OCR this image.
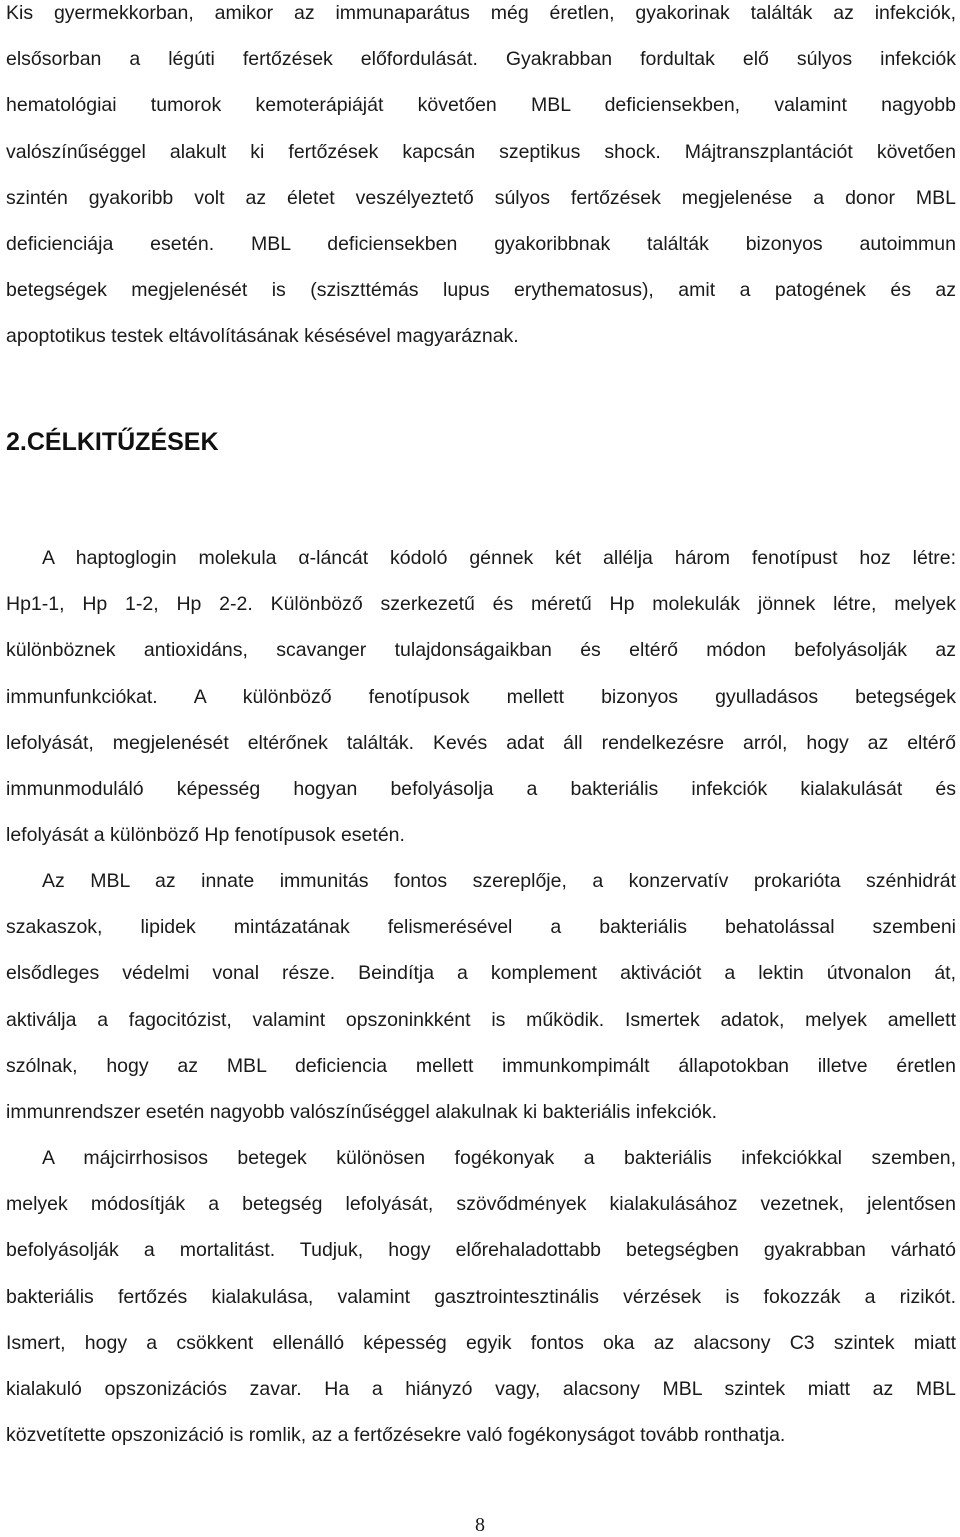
Kis gyermekkorban, amikor az immunaparátus még éretlen, gyakorinak találták az infekciók,
elsősorban a légúti fertőzések előfordulását. Gyakrabban fordultak elő súlyos infekciók
hematológiai tumorok kemoterápiáját követően MBL deficiensekben, valamint nagyobb
valószínűséggel alakult ki fertőzések kapcsán szeptikus shock. Májtranszplantációt követően
szintén gyakoribb volt az életet veszélyeztető súlyos fertőzések megjelenése a donor MBL
deficienciája esetén. MBL deficiensekben gyakoribbnak találták bizonyos autoimmun
betegségek megjelenését is (sziszttémás lupus erythematosus), amit a patogének és az
apoptotikus testek eltávolításának késésével magyaráznak.
2.CÉLKITŰZÉSEK
A haptoglogin molekula α-láncát kódoló génnek két allélja három fenotípust hoz létre:
Hp1-1, Hp 1-2, Hp 2-2. Különböző szerkezetű és méretű Hp molekulák jönnek létre, melyek
különböznek antioxidáns, scavanger tulajdonságaikban és eltérő módon befolyásolják az
immunfunkciókat. A különböző fenotípusok mellett bizonyos gyulladásos betegségek
lefolyását, megjelenését eltérőnek találták. Kevés adat áll rendelkezésre arról, hogy az eltérő
immunmoduláló képesség hogyan befolyásolja a bakteriális infekciók kialakulását és
lefolyását a különböző Hp fenotípusok esetén.
Az MBL az innate immunitás fontos szereplője, a konzervatív prokarióta szénhidrát
szakaszok, lipidek mintázatának felismerésével a bakteriális behatolással szembeni
elsődleges védelmi vonal része. Beindítja a komplement aktivációt a lektin útvonalon át,
aktiválja a fagocitózist, valamint opszoninkként is működik. Ismertek adatok, melyek amellett
szólnak, hogy az MBL deficiencia mellett immunkompimált állapotokban illetve éretlen
immunrendszer esetén nagyobb valószínűséggel alakulnak ki bakteriális infekciók.
A májcirrhosisos betegek különösen fogékonyak a bakteriális infekciókkal szemben,
melyek módosítják a betegség lefolyását, szövődmények kialakulásához vezetnek, jelentősen
befolyásolják a mortalitást. Tudjuk, hogy előrehaladottabb betegségben gyakrabban várható
bakteriális fertőzés kialakulása, valamint gasztrointesztinális vérzések is fokozzák a rizikót.
Ismert, hogy a csökkent ellenálló képesség egyik fontos oka az alacsony C3 szintek miatt
kialakuló opszonizációs zavar. Ha a hiányzó vagy, alacsony MBL szintek miatt az MBL
közvetítette opszonizáció is romlik, az a fertőzésekre való fogékonyságot tovább ronthatja.
8
